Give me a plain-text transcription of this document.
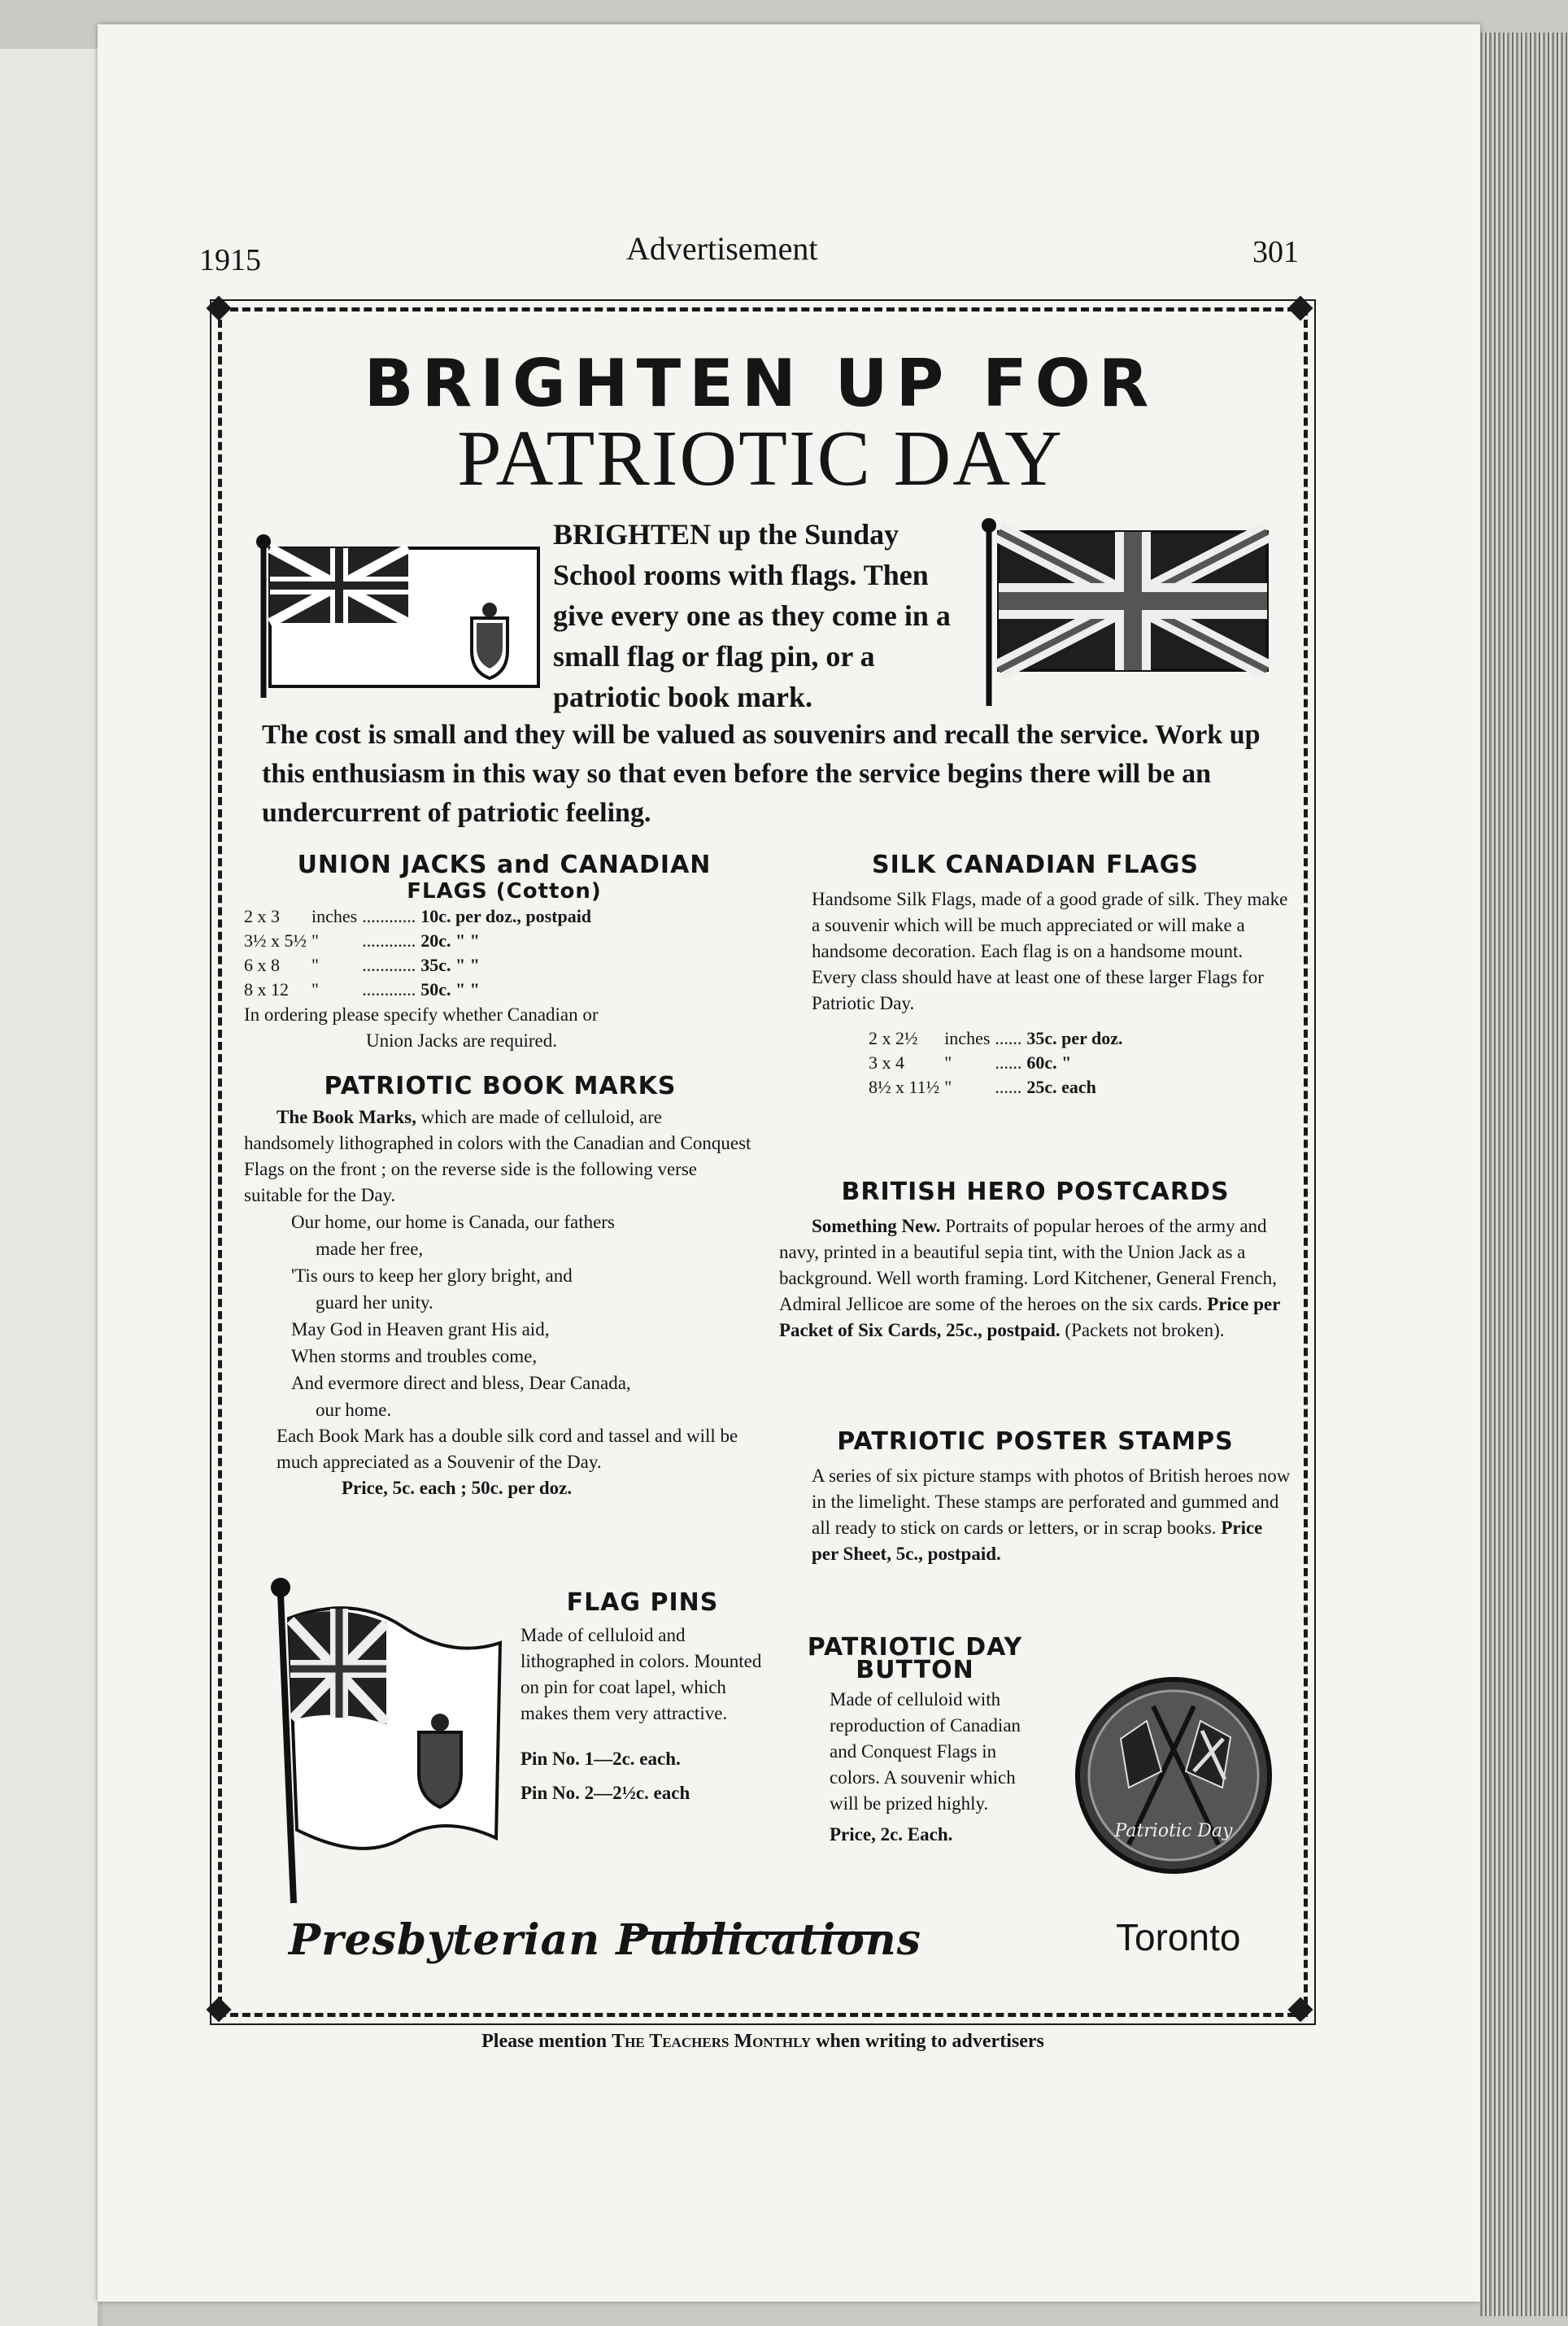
1915	Advertisement	301
BRIGHTEN UP FOR
PATRIOTIC DAY
BRIGHTEN up the Sunday School rooms with flags. Then give every one as they come in a small flag or flag pin, or a patriotic book mark.
The cost is small and they will be valued as souvenirs and recall the service. Work up this enthusiasm in this way so that even before the service begins there will be an undercurrent of patriotic feeling.
UNION JACKS and CANADIAN
FLAGS (Cotton)
2 x 3	inches	............	10c. per doz., postpaid
3½ x 5½	"	............	20c. " "
6 x 8	"	............	35c. " "
8 x 12	"	............	50c. " "

In ordering please specify whether Canadian or

Union Jacks are required.

PATRIOTIC BOOK MARKS

The Book Marks, which are made of celluloid, are handsomely lithographed in colors with the Canadian and Conquest Flags on the front ; on the reverse side is the following verse suitable for the Day.

Our home, our home is Canada, our fathers
made her free,
'Tis ours to keep her glory bright, and
guard her unity.
May God in Heaven grant His aid,
When storms and troubles come,
And evermore direct and bless, Dear Canada,
our home.

Each Book Mark has a double silk cord and tassel and will be much appreciated as a Souvenir of the Day.

Price, 5c. each ; 50c. per doz.

SILK CANADIAN FLAGS

Handsome Silk Flags, made of a good grade of silk. They make a souvenir which will be much appreciated or will make a handsome decoration. Each flag is on a handsome mount. Every class should have at least one of these larger Flags for Patriotic Day.

2 x 2½	inches	......	35c. per doz.
3 x 4	"	......	60c. "
8½ x 11½	"	......	25c. each
BRITISH HERO POSTCARDS

Something New. Portraits of popular heroes of the army and navy, printed in a beautiful sepia tint, with the Union Jack as a background. Well worth framing. Lord Kitchener, General French, Admiral Jellicoe are some of the heroes on the six cards. Price per Packet of Six Cards, 25c., postpaid. (Packets not broken).

PATRIOTIC POSTER STAMPS

A series of six picture stamps with photos of British heroes now in the limelight. These stamps are perforated and gummed and all ready to stick on cards or letters, or in scrap books. Price per Sheet, 5c., postpaid.

FLAG PINS

Made of celluloid and lithographed in colors. Mounted on pin for coat lapel, which makes them very attractive.

Pin No. 1—2c. each.

Pin No. 2—2½c. each

PATRIOTIC DAY
BUTTON

Made of celluloid with reproduction of Canadian and Conquest Flags in colors. A souvenir which will be prized highly.

Price, 2c. Each.	Patriotic Day
Presbyterian Publications	Toronto
Please mention The Teachers Monthly when writing to advertisers
